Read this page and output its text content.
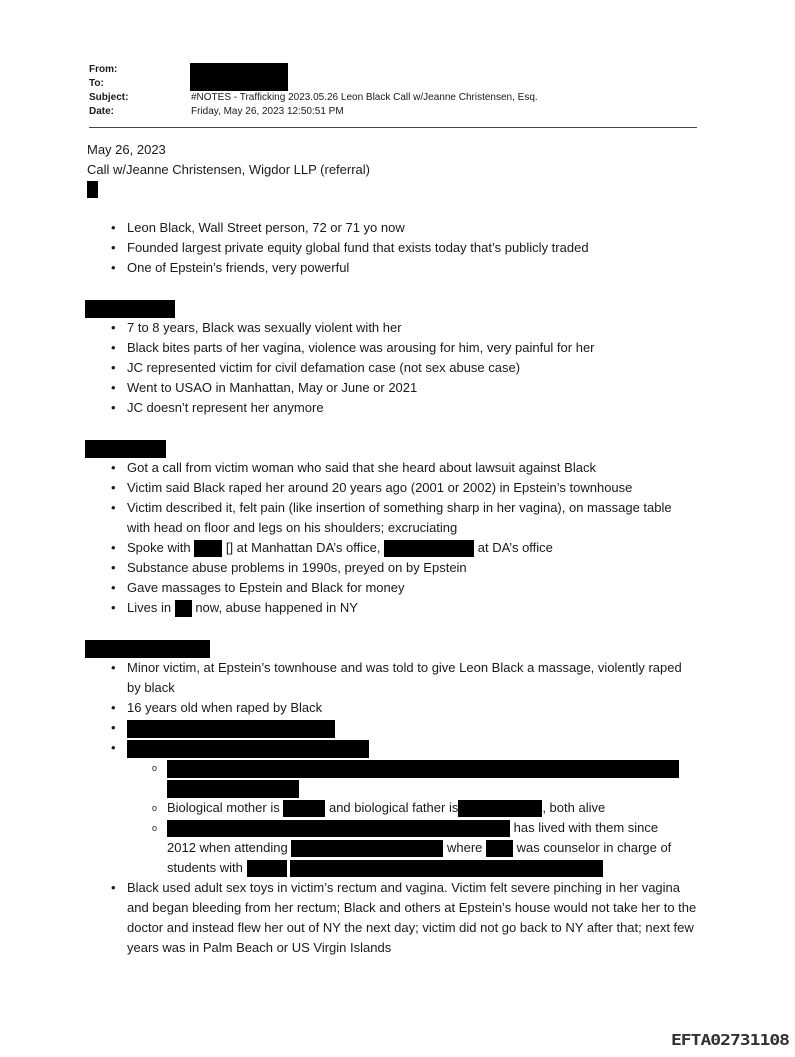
From:
To:
Subject:	#NOTES - Trafficking 2023.05.26 Leon Black Call w/Jeanne Christensen, Esq.
Date:	Friday, May 26, 2023 12:50:51 PM

May 26, 2023

Call w/Jeanne Christensen, Wigdor LLP (referral)

• Leon Black, Wall Street person, 72 or 71 yo now
• Founded largest private equity global fund that exists today that’s publicly traded
• One of Epstein’s friends, very powerful
• 7 to 8 years, Black was sexually violent with her
• Black bites parts of her vagina, violence was arousing for him, very painful for her
• JC represented victim for civil defamation case (not sex abuse case)
• Went to USAO in Manhattan, May or June or 2021
• JC doesn’t represent her anymore
• Got a call from victim woman who said that she heard about lawsuit against Black
• Victim said Black raped her around 20 years ago (2001 or 2002) in Epstein’s townhouse
• Victim described it, felt pain (like insertion of something sharp in her vagina), on massage table with head on floor and legs on his shoulders; excruciating
• Spoke with	[] at Manhattan DA’s office,	at DA’s office
• Substance abuse problems in 1990s, preyed on by Epstein
• Gave massages to Epstein and Black for money
• Lives in now, abuse happened in NY
• Minor victim, at Epstein’s townhouse and was told to give Leon Black a massage, violently raped by black
• 16 years old when raped by Black
•
o

o • Biological mother is	and biological father is	, both alive
o has lived with them since
2012 when attending	where	was counselor in charge of
students with
• Black used adult sex toys in victim’s rectum and vagina. Victim felt severe pinching in her vagina and began bleeding from her rectum; Black and others at Epstein’s house would not take her to the doctor and instead flew her out of NY the next day; victim did not go back to NY after that; next few years was in Palm Beach or US Virgin Islands
EFTA02731108
